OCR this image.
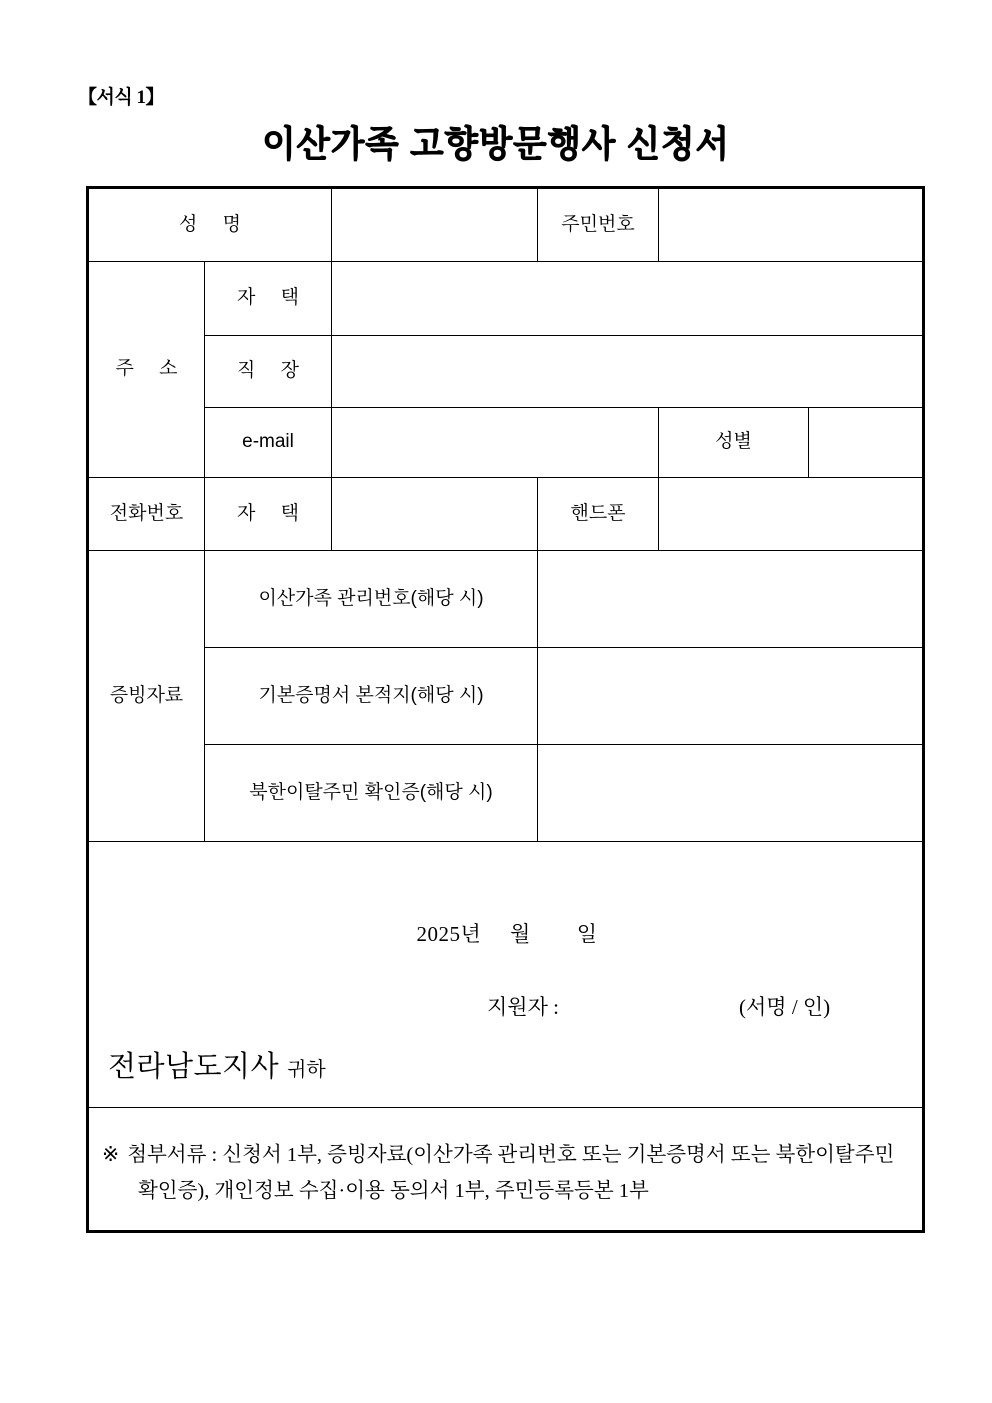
【서식 1】
이산가족 고향방문행사 신청서
성 명			주민번호		
주 소	자 택				
	직 장				
	e-mail			성별	
전화번호	자 택		핸드폰		
증빙자료	이산가족 관리번호(해당 시)				
	기본증명서 본적지(해당 시)				
	북한이탈주민 확인증(해당 시)				

2025년     월        일
지원자 : (서명 / 인)
전라남도지사 귀하					

※ 첨부서류 : 신청서 1부, 증빙자료(이산가족 관리번호 또는 기본증명서 또는 북한이탈주민 확인증), 개인정보 수집·이용 동의서 1부, 주민등록등본 1부					
